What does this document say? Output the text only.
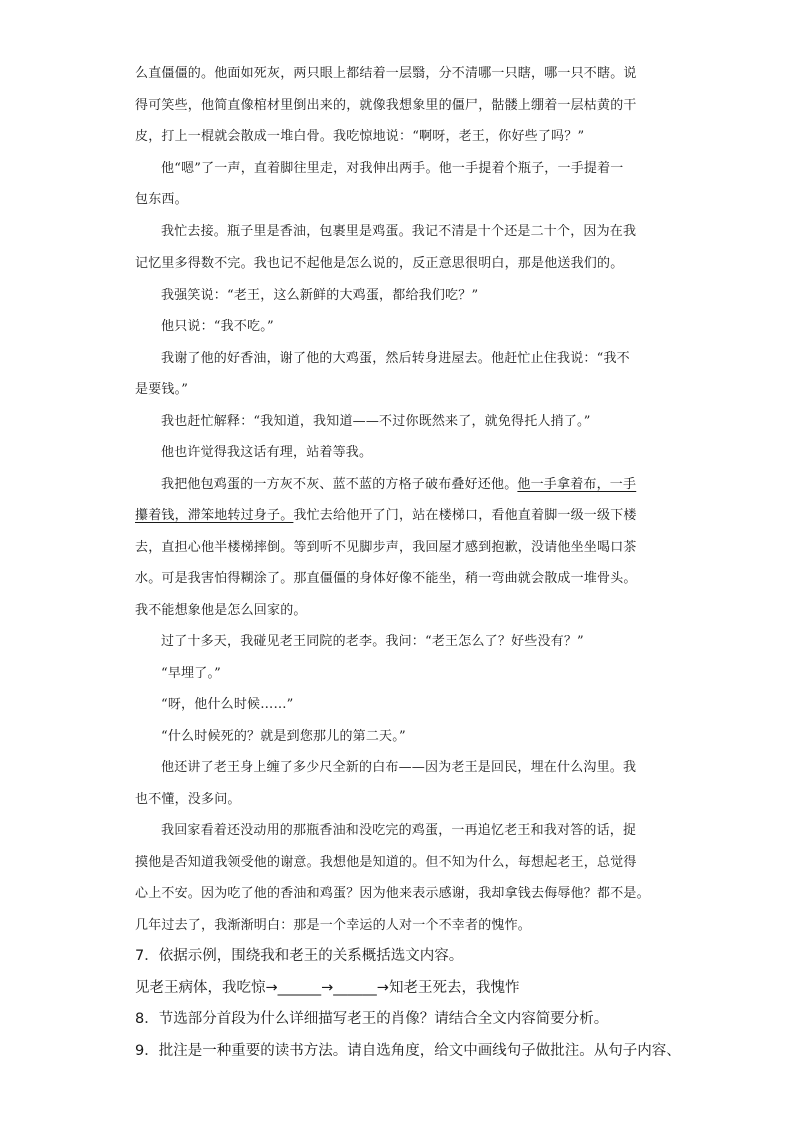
么直僵僵的。他面如死灰，两只眼上都结着一层翳，分不清哪一只瞎，哪一只不瞎。说
得可笑些，他简直像棺材里倒出来的，就像我想象里的僵尸，骷髅上绷着一层枯黄的干
皮，打上一棍就会散成一堆白骨。我吃惊地说：“啊呀，老王，你好些了吗？”
他“嗯”了一声，直着脚往里走，对我伸出两手。他一手提着个瓶子，一手提着一
包东西。
我忙去接。瓶子里是香油，包裹里是鸡蛋。我记不清是十个还是二十个，因为在我
记忆里多得数不完。我也记不起他是怎么说的，反正意思很明白，那是他送我们的。
我强笑说：“老王，这么新鲜的大鸡蛋，都给我们吃？”
他只说：“我不吃。”
我谢了他的好香油，谢了他的大鸡蛋，然后转身进屋去。他赶忙止住我说：“我不
是要钱。”
我也赶忙解释：“我知道，我知道——不过你既然来了，就免得托人捎了。”
他也许觉得我这话有理，站着等我。
我把他包鸡蛋的一方灰不灰、蓝不蓝的方格子破布叠好还他。他一手拿着布，一手
攥着钱，滞笨地转过身子。我忙去给他开了门，站在楼梯口，看他直着脚一级一级下楼
去，直担心他半楼梯摔倒。等到听不见脚步声，我回屋才感到抱歉，没请他坐坐喝口茶
水。可是我害怕得糊涂了。那直僵僵的身体好像不能坐，稍一弯曲就会散成一堆骨头。
我不能想象他是怎么回家的。
过了十多天，我碰见老王同院的老李。我问：“老王怎么了？好些没有？”
“早埋了。”
“呀，他什么时候……”
“什么时候死的？就是到您那儿的第二天。”
他还讲了老王身上缠了多少尺全新的白布——因为老王是回民，埋在什么沟里。我
也不懂，没多问。
我回家看着还没动用的那瓶香油和没吃完的鸡蛋，一再追忆老王和我对答的话，捉
摸他是否知道我领受他的谢意。我想他是知道的。但不知为什么，每想起老王，总觉得
心上不安。因为吃了他的香油和鸡蛋？因为他来表示感谢，我却拿钱去侮辱他？都不是。
几年过去了，我渐渐明白：那是一个幸运的人对一个不幸者的愧怍。
7．依据示例，围绕我和老王的关系概括选文内容。
见老王病体，我吃惊→______→______→知老王死去，我愧怍
8．节选部分首段为什么详细描写老王的肖像？请结合全文内容简要分析。
9．批注是一种重要的读书方法。请自选角度，给文中画线句子做批注。从句子内容、
